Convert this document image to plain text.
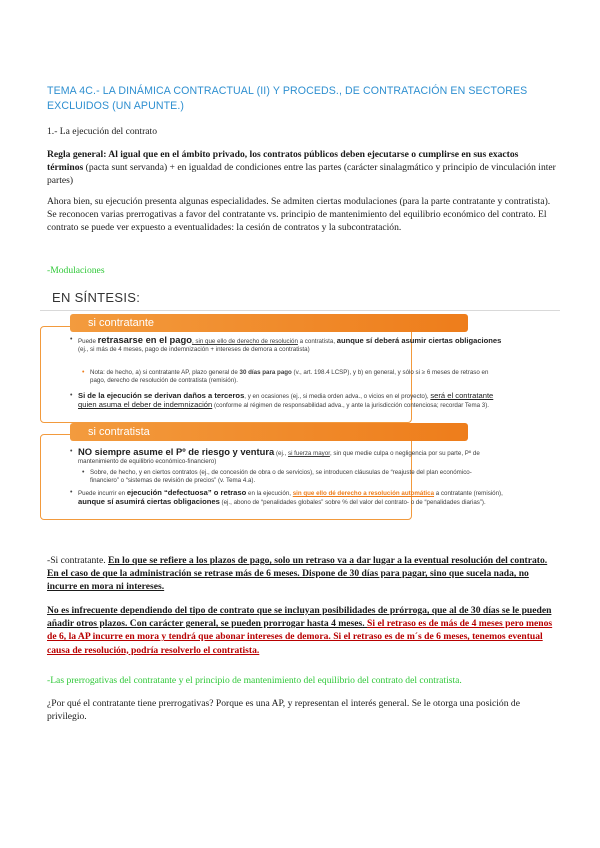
TEMA 4C.- LA DINÁMICA CONTRACTUAL (II) Y PROCEDS., DE CONTRATACIÓN EN SECTORES EXCLUIDOS (UN APUNTE.)
1.- La ejecución del contrato
Regla general: Al igual que en el ámbito privado, los contratos públicos deben ejecutarse o cumplirse en sus exactos términos (pacta sunt servanda) + en igualdad de condiciones entre las partes (carácter sinalagmático y principio de vinculación inter partes)
Ahora bien, su ejecución presenta algunas especialidades. Se admiten ciertas modulaciones (para la parte contratante y contratista). Se reconocen varias prerrogativas a favor del contratante vs. principio de mantenimiento del equilibrio económico del contrato. El contrato se puede ver expuesto a eventualidades: la cesión de contratos y la subcontratación.
-Modulaciones
EN SÍNTESIS:
si contratante
• Puede retrasarse en el pago, sin que ello de derecho de resolución a contratista, aunque sí deberá asumir ciertas obligaciones (ej., si más de 4 meses, pago de indemnización + intereses de demora a contratista)
• Nota: de hecho, a) si contratante AP, plazo general de 30 días para pago (v., art. 198.4 LCSP), y b) en general, y sólo si ≥ 6 meses de retraso en pago, derecho de resolución de contratista (remisión).
• Si de la ejecución se derivan daños a terceros, y en ocasiones (ej., si media orden adva., o vicios en el proyecto), será el contratante quien asuma el deber de indemnización (conforme al régimen de responsabilidad adva., y ante la jurisdicción contenciosa; recordar Tema 3).
si contratista
• NO siempre asume el Pº de riesgo y ventura (ej., si fuerza mayor, sin que medie culpa o negligencia por su parte, Pº de mantenimiento de equilibrio económico-financiero)
• Sobre, de hecho, y en ciertos contratos (ej., de concesión de obra o de servicios), se introducen cláusulas de “reajuste del plan económico-financiero” o “sistemas de revisión de precios” (v. Tema 4.a).
• Puede incurrir en ejecución “defectuosa” o retraso en la ejecución, sin que ello dé derecho a resolución automática a contratante (remisión), aunque sí asumirá ciertas obligaciones (ej., abono de “penalidades globales” sobre % del valor del contrato- o de “penalidades diarias”).
-Si contratante. En lo que se refiere a los plazos de pago, solo un retraso va a dar lugar a la eventual resolución del contrato. En el caso de que la administración se retrase más de 6 meses. Dispone de 30 días para pagar, sino que sucela nada, no incurre en mora ni intereses.
No es infrecuente dependiendo del tipo de contrato que se incluyan posibilidades de prórroga, que al de 30 días se le pueden añadir otros plazos. Con carácter general, se pueden prorrogar hasta 4 meses. Si el retraso es de más de 4 meses pero menos de 6, la AP incurre en mora y tendrá que abonar intereses de demora. Si el retraso es de m´s de 6 meses, tenemos eventual causa de resolución, podría resolverlo el contratista.
-Las prerrogativas del contratante y el principio de mantenimiento del equilibrio del contrato del contratista.
¿Por qué el contratante tiene prerrogativas? Porque es una AP, y representan el interés general. Se le otorga una posición de privilegio.
